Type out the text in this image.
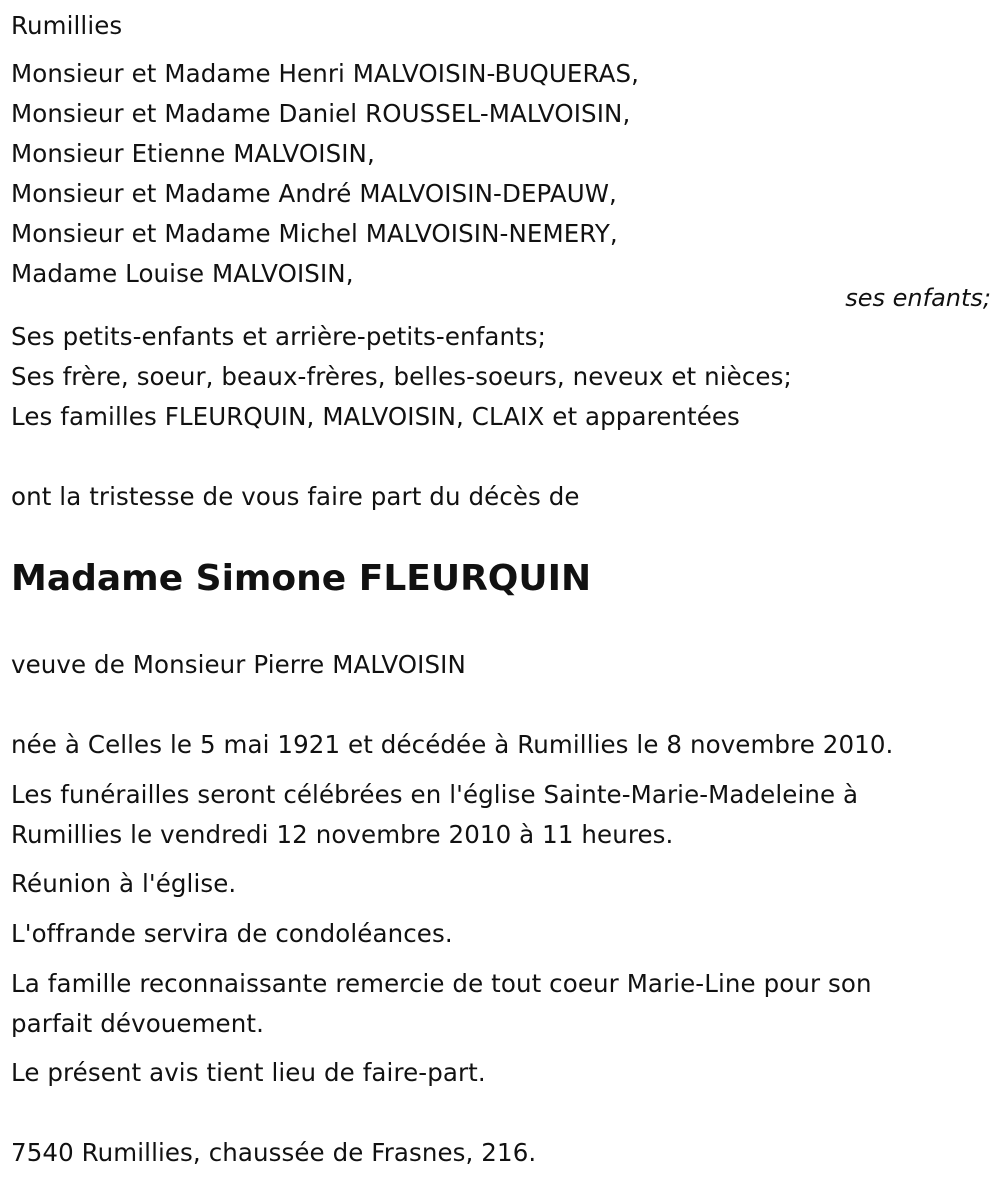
Rumillies
Monsieur et Madame Henri MALVOISIN-BUQUERAS,
Monsieur et Madame Daniel ROUSSEL-MALVOISIN,
Monsieur Etienne MALVOISIN,
Monsieur et Madame André MALVOISIN-DEPAUW,
Monsieur et Madame Michel MALVOISIN-NEMERY,
Madame Louise MALVOISIN,
ses enfants;
Ses petits-enfants et arrière-petits-enfants;
Ses frère, soeur, beaux-frères, belles-soeurs, neveux et nièces;
Les familles FLEURQUIN, MALVOISIN, CLAIX et apparentées
ont la tristesse de vous faire part du décès de
Madame Simone FLEURQUIN
veuve de Monsieur Pierre MALVOISIN
née à Celles le 5 mai 1921 et décédée à Rumillies le 8 novembre 2010.
Les funérailles seront célébrées en l'église Sainte-Marie-Madeleine à
Rumillies le vendredi 12 novembre 2010 à 11 heures.
Réunion à l'église.
L'offrande servira de condoléances.
La famille reconnaissante remercie de tout coeur Marie-Line pour son
parfait dévouement.
Le présent avis tient lieu de faire-part.
7540 Rumillies, chaussée de Frasnes, 216.
